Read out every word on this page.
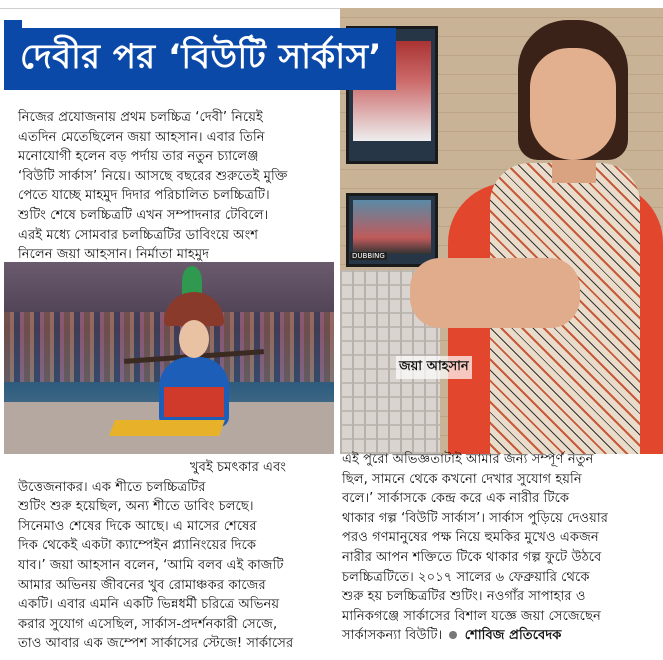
DUBBING
জয়া আহসান
দেবীর পর ‘বিউটি সার্কাস’

নিজের প্রযোজনায় প্রথম চলচ্চিত্র ‘দেবী’ নিয়েই

এতদিন মেতেছিলেন জয়া আহসান। এবার তিনি

মনোযোগী হলেন বড় পর্দায় তার নতুন চ্যালেঞ্জ

‘বিউটি সার্কাস’ নিয়ে। আসছে বছরের শুরুতেই মুক্তি

পেতে যাচ্ছে মাহমুদ দিদার পরিচালিত চলচ্চিত্রটি।

শুটিং শেষে চলচ্চিত্রটি এখন সম্পাদনার টেবিলে।

এরই মধ্যে সোমবার চলচ্চিত্রটির ডাবিংয়ে অংশ

নিলেন জয়া আহসান। নির্মাতা মাহমুদ

খুবই চমৎকার এবং

উত্তেজনাকর। এক শীতে চলচ্চিত্রটির

শুটিং শুরু হয়েছিল, অন্য শীতে ডাবিং চলছে।

সিনেমাও শেষের দিকে আছে। এ মাসের শেষের

দিক থেকেই একটা ক্যাম্পেইন প্ল্যানিংয়ের দিকে

যাব।’ জয়া আহসান বলেন, ‘আমি বলব এই কাজটি

আমার অভিনয় জীবনের খুব রোমাঞ্চকর কাজের

একটি। এবার এমনি একটি ভিন্নধর্মী চরিত্রে অভিনয়

করার সুযোগ এসেছিল, সার্কাস-প্রদর্শনকারী সেজে,

তাও আবার এক জম্পেশ সার্কাসের স্টেজে! সার্কাসের

এই পুরো অভিজ্ঞতাটাই আমার জন্য সম্পূর্ণ নতুন

ছিল, সামনে থেকে কখনো দেখার সুযোগ হয়নি

বলে।’ সার্কাসকে কেন্দ্র করে এক নারীর টিকে

থাকার গল্প ‘বিউটি সার্কাস’। সার্কাস পুড়িয়ে দেওয়ার

পরও গণমানুষের পক্ষ নিয়ে হুমকির মুখেও একজন

নারীর আপন শক্তিতে টিকে থাকার গল্প ফুটে উঠবে

চলচ্চিত্রটিতে। ২০১৭ সালের ৬ ফেব্রুয়ারি থেকে

শুরু হয় চলচ্চিত্রটির শুটিং। নওগাঁর সাপাহার ও

মানিকগঞ্জে সার্কাসের বিশাল যজ্ঞে জয়া সেজেছেন

সার্কাসকন্যা বিউটি। শোবিজ প্রতিবেদক
